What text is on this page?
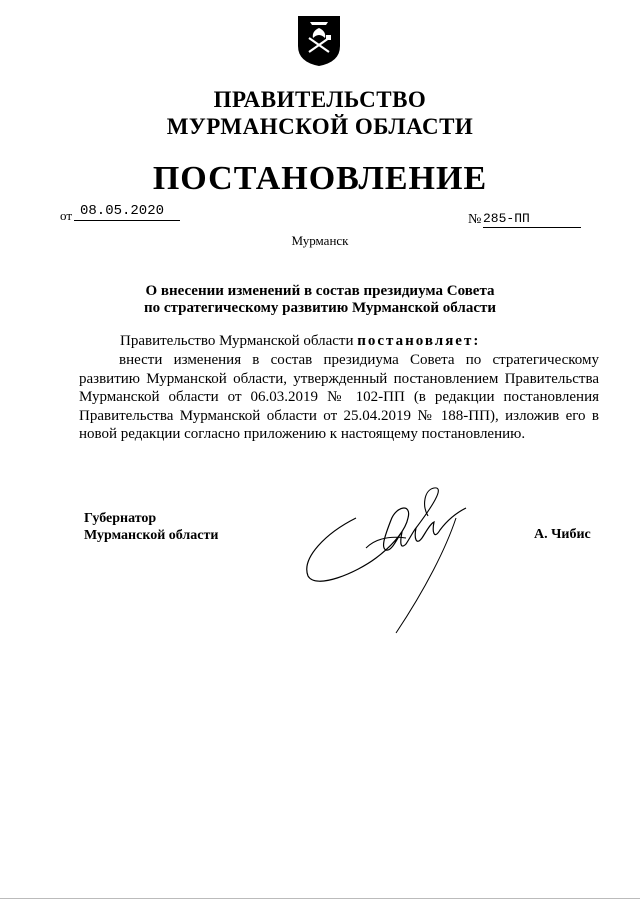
ПРАВИТЕЛЬСТВО
МУРМАНСКОЙ ОБЛАСТИ
ПОСТАНОВЛЕНИЕ
от 08.05.2020
№ 285-ПП
Мурманск
О внесении изменений в состав президиума Совета
по стратегическому развитию Мурманской области
Правительство Мурманской области постановляет:

внести изменения в состав президиума Совета по стратегическому развитию Мурманской области, утвержденный постановлением Правительства Мурманской области от 06.03.2019 № 102-ПП (в редакции постановления Правительства Мурманской области от 25.04.2019 № 188-ПП), изложив его в новой редакции согласно приложению к настоящему постановлению.

Губернатор
Мурманской области	А. Чибис
